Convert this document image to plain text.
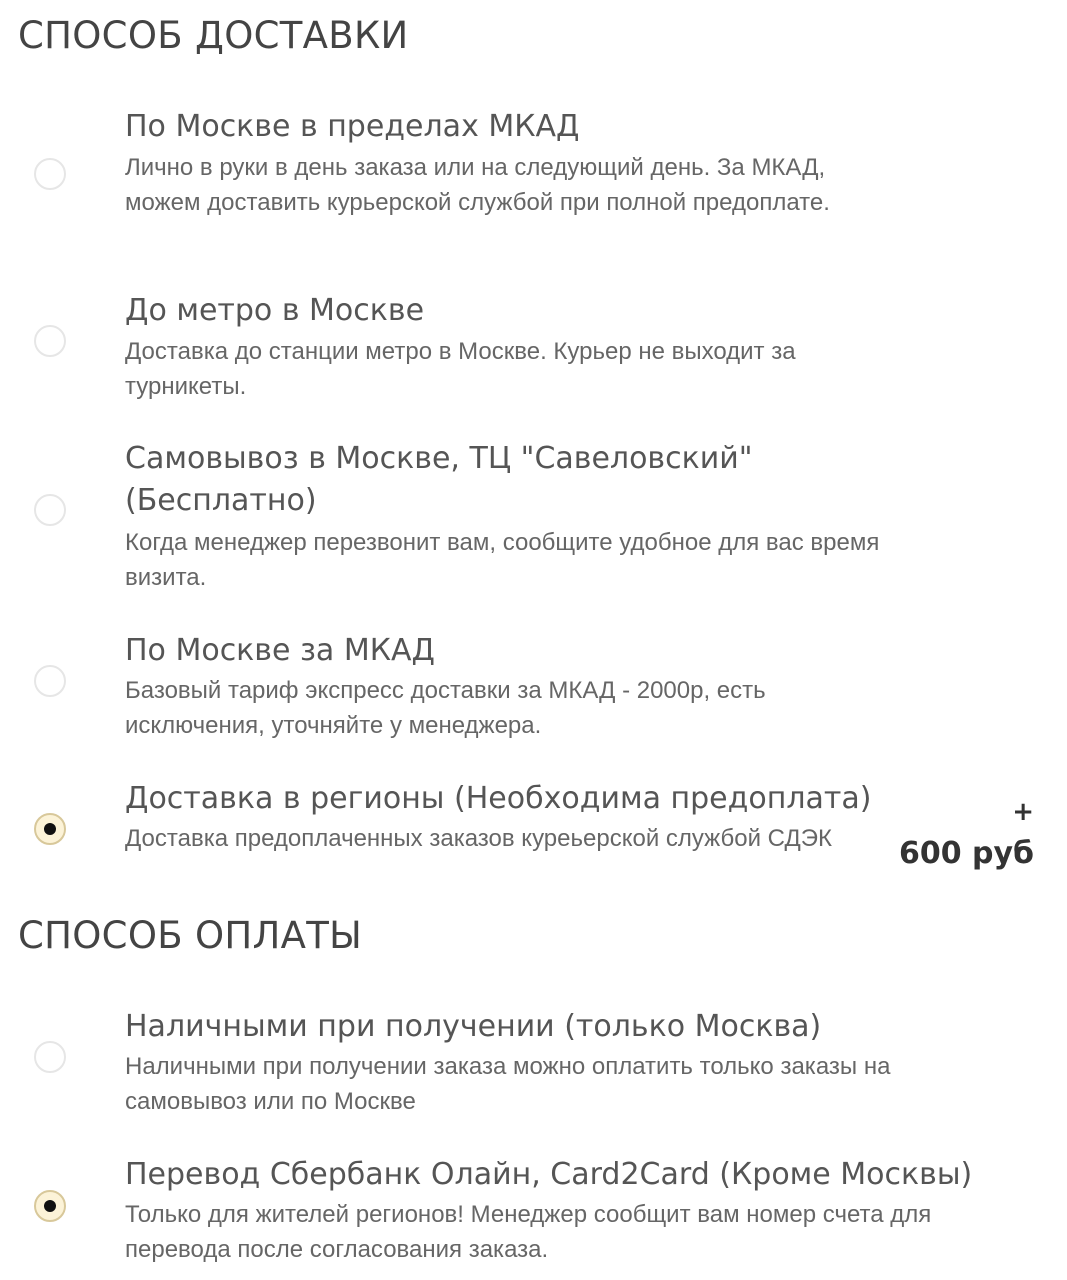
СПОСОБ ДОСТАВКИ
По Москве в пределах МКАД
Лично в руки в день заказа или на следующий день. За МКАД, можем доставить курьерской службой при полной предоплате.
До метро в Москве
Доставка до станции метро в Москве. Курьер не выходит за турникеты.
Самовывоз в Москве, ТЦ "Савеловский" (Бесплатно)
Когда менеджер перезвонит вам, сообщите удобное для вас время визита.
По Москве за МКАД
Базовый тариф экспресс доставки за МКАД - 2000р, есть исключения, уточняйте у менеджера.
Доставка в регионы (Необходима предоплата)
Доставка предоплаченных заказов куреьерской службой СДЭК
+
600 руб
СПОСОБ ОПЛАТЫ
Наличными при получении (только Москва)
Наличными при получении заказа можно оплатить только заказы на самовывоз или по Москве
Перевод Сбербанк Олайн, Card2Card (Кроме Москвы)
Только для жителей регионов! Менеджер сообщит вам номер счета для перевода после согласования заказа.
